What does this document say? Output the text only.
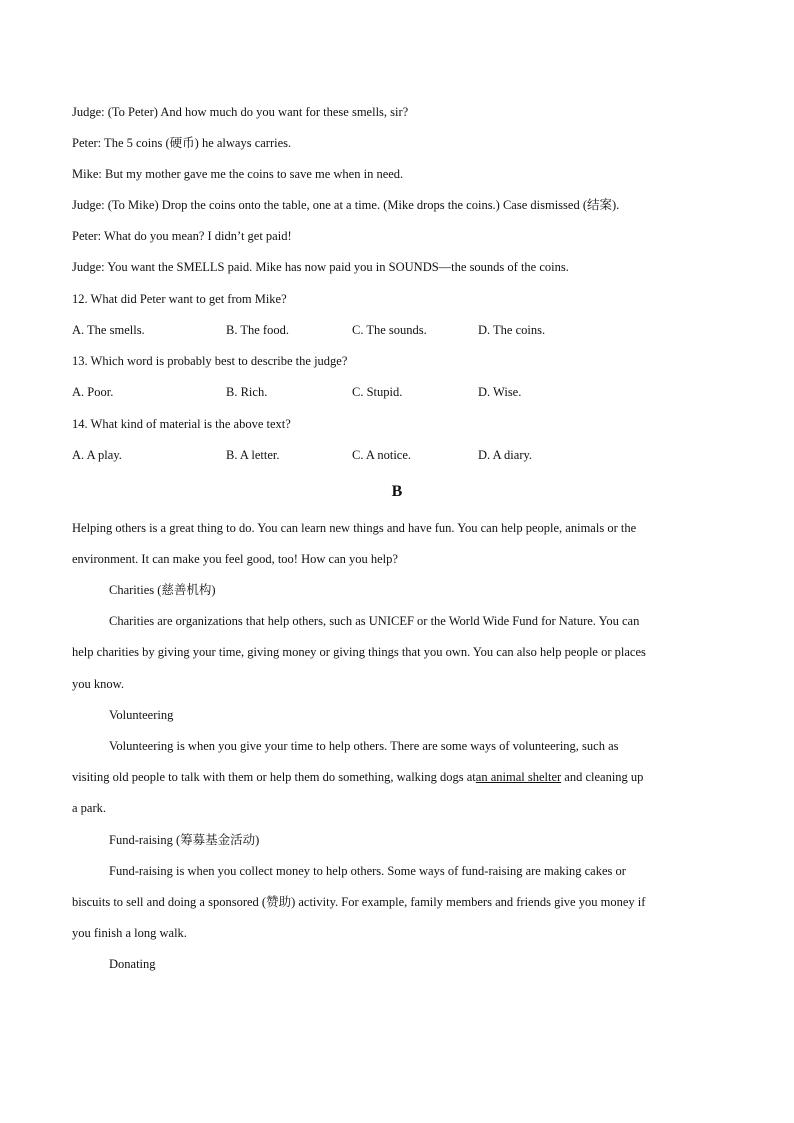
Judge: (To Peter) And how much do you want for these smells, sir?
Peter: The 5 coins (硬币) he always carries.
Mike: But my mother gave me the coins to save me when in need.
Judge: (To Mike) Drop the coins onto the table, one at a time. (Mike drops the coins.) Case dismissed (结案).
Peter: What do you mean? I didn’t get paid!
Judge: You want the SMELLS paid. Mike has now paid you in SOUNDS—the sounds of the coins.
12. What did Peter want to get from Mike?
A. The smells.	B. The food.	C. The sounds.	D. The coins.
13. Which word is probably best to describe the judge?
A. Poor.	B. Rich.	C. Stupid.	D. Wise.
14. What kind of material is the above text?
A. A play.	B. A letter.	C. A notice.	D. A diary.
B
Helping others is a great thing to do. You can learn new things and have fun. You can help people, animals or the
environment. It can make you feel good, too! How can you help?
Charities (慈善机构)
Charities are organizations that help others, such as UNICEF or the World Wide Fund for Nature. You can
help charities by giving your time, giving money or giving things that you own. You can also help people or places
you know.
Volunteering
Volunteering is when you give your time to help others. There are some ways of volunteering, such as
visiting old people to talk with them or help them do something, walking dogs atan animal shelter and cleaning up
a park.
Fund-raising (筹募基金活动)
Fund-raising is when you collect money to help others. Some ways of fund-raising are making cakes or
biscuits to sell and doing a sponsored (赞助) activity. For example, family members and friends give you money if
you finish a long walk.
Donating
